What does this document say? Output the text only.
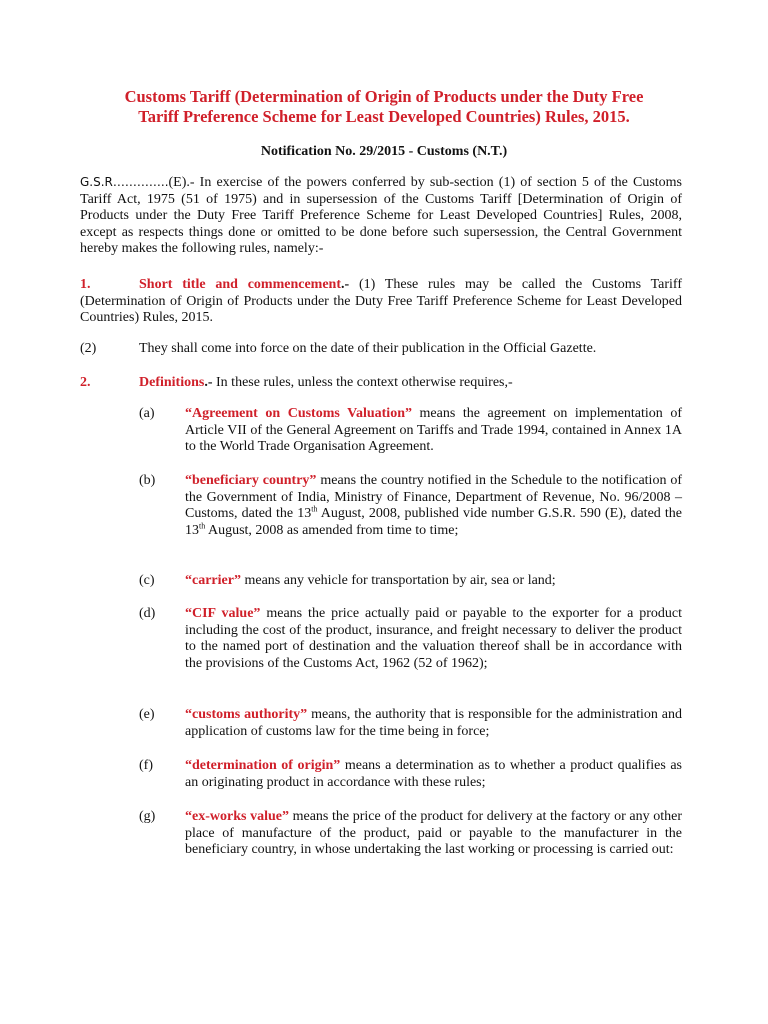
Customs Tariff (Determination of Origin of Products under the Duty Free
Tariff Preference Scheme for Least Developed Countries) Rules, 2015.
Notification No. 29/2015 - Customs (N.T.)
G.S.R…………..(E).- In exercise of the powers conferred by sub-section (1) of section 5 of the Customs Tariff Act, 1975 (51 of 1975) and in supersession of the Customs Tariff [Determination of Origin of Products under the Duty Free Tariff Preference Scheme for Least Developed Countries] Rules, 2008, except as respects things done or omitted to be done before such supersession, the Central Government hereby makes the following rules, namely:-
1.	Short title and commencement.- (1) These rules may be called the Customs Tariff (Determination of Origin of Products under the Duty Free Tariff Preference Scheme for Least Developed Countries) Rules, 2015.
(2)	They shall come into force on the date of their publication in the Official Gazette.
2.	Definitions.- In these rules, unless the context otherwise requires,-
(a) “Agreement on Customs Valuation” means the agreement on implementation of Article VII of the General Agreement on Tariffs and Trade 1994, contained in Annex 1A to the World Trade Organisation Agreement.
(b) “beneficiary country” means the country notified in the Schedule to the notification of the Government of India, Ministry of Finance, Department of Revenue, No. 96/2008 – Customs, dated the 13th August, 2008, published vide number G.S.R. 590 (E), dated the 13th August, 2008 as amended from time to time;
(c) “carrier” means any vehicle for transportation by air, sea or land;
(d) “CIF value” means the price actually paid or payable to the exporter for a product including the cost of the product, insurance, and freight necessary to deliver the product to the named port of destination and the valuation thereof shall be in accordance with the provisions of the Customs Act, 1962 (52 of 1962);
(e) “customs authority” means, the authority that is responsible for the administration and application of customs law for the time being in force;
(f) “determination of origin” means a determination as to whether a product qualifies as an originating product in accordance with these rules;
(g) “ex-works value” means the price of the product for delivery at the factory or any other place of manufacture of the product, paid or payable to the manufacturer in the beneficiary country, in whose undertaking the last working or processing is carried out:
